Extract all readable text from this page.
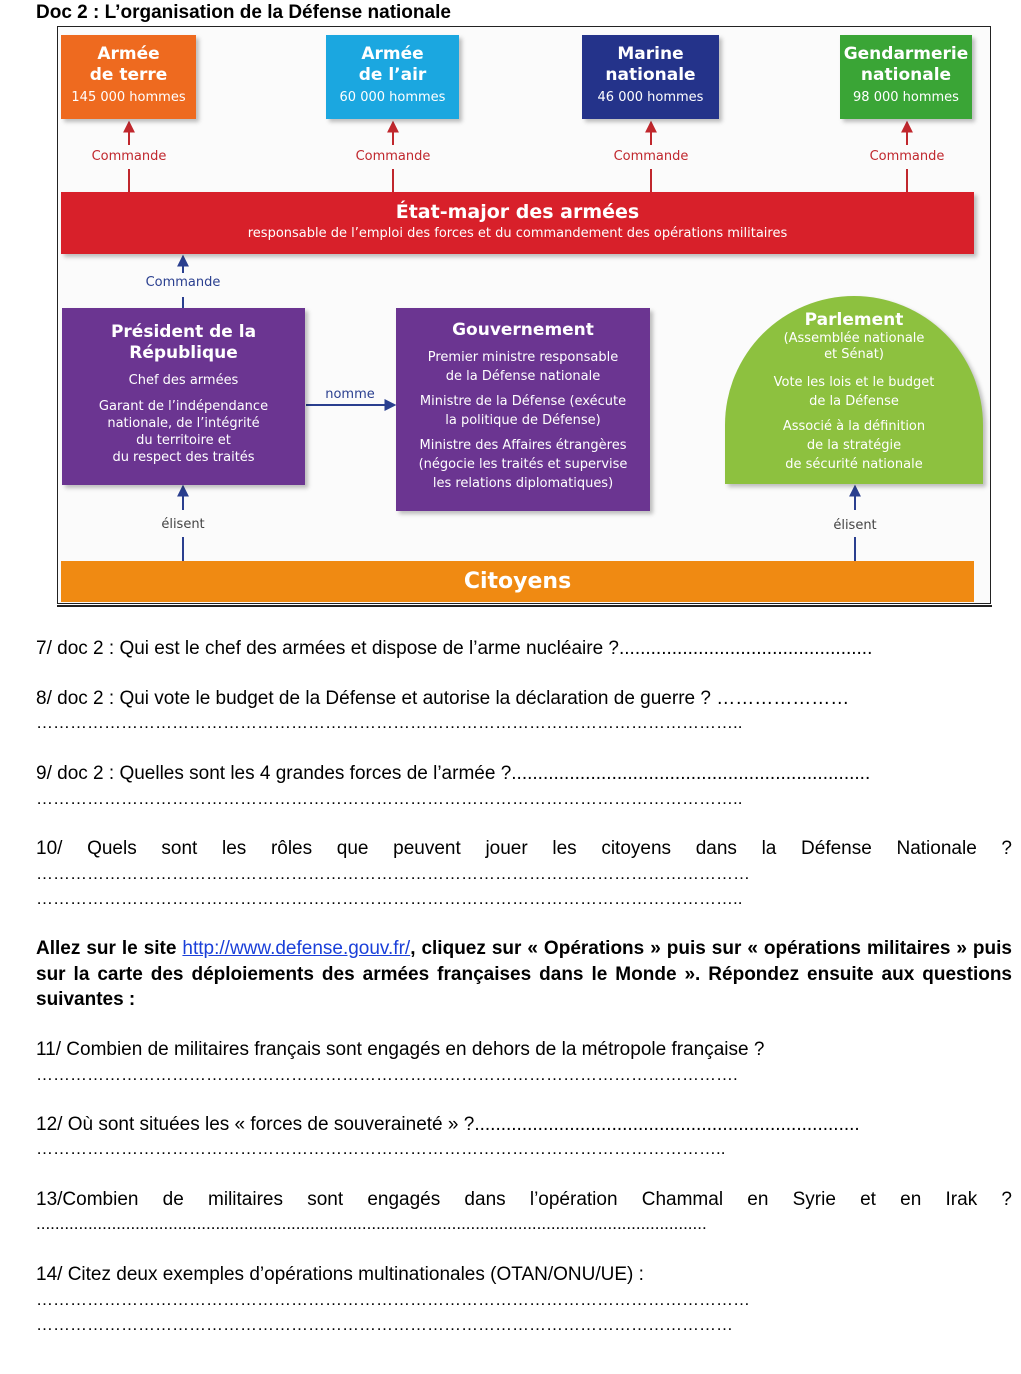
Doc 2 : L’organisation de la Défense nationale
Armée
de terre
145 000 hommes
Armée
de l’air
60 000 hommes
Marine
nationale
46 000 hommes
Gendarmerie
nationale
98 000 hommes
Commande	Commande	Commande	Commande
État-major des armées
responsable de l’emploi des forces et du commandement des opérations militaires
Commande
Président de la
République
Chef des armées
Garant de l’indépendance
nationale, de l’intégrité
du territoire et
du respect des traités
nomme
Gouvernement
Premier ministre responsable
de la Défense nationale
Ministre de la Défense (exécute
la politique de Défense)
Ministre des Affaires étrangères
(négocie les traités et supervise
les relations diplomatiques)
Parlement
(Assemblée nationale
et Sénat)
Vote les lois et le budget
de la Défense
Associé à la définition
de la stratégie
de sécurité nationale
élisent	élisent
Citoyens
7/ doc 2 : Qui est le chef des armées et dispose de l’arme nucléaire ?................................................
8/ doc 2 : Qui vote le budget de la Défense et autorise la déclaration de guerre ? …………………
……………………………………………………………………………………………………………..
9/ doc 2 : Quelles sont les 4 grandes forces de l’armée ?....................................................................
……………………………………………………………………………………………………………..
10/ Quels sont les rôles que peuvent jouer les citoyens dans la Défense Nationale ?
………………………………………………………………………………………………………………
……………………………………………………………………………………………………………..
Allez sur le site http://www.defense.gouv.fr/, cliquez sur « Opérations » puis sur « opérations militaires » puis sur la carte des déploiements des armées françaises dans le Monde ». Répondez ensuite aux questions suivantes :
11/ Combien de militaires français sont engagés en dehors de la métropole française ?
…………………………………………………………………………………………………………….
12/ Où sont situées les « forces de souveraineté » ?.........................................................................
…………………………………………………………………………………………………………..
13/Combien de militaires sont engagés dans l’opération Chammal en Syrie et en Irak ?
..............................................................................................................................................
14/ Citez deux exemples d’opérations multinationales (OTAN/ONU/UE) :
………………………………………………………………………………………………………………
……………………………………………………………………………………………………………
